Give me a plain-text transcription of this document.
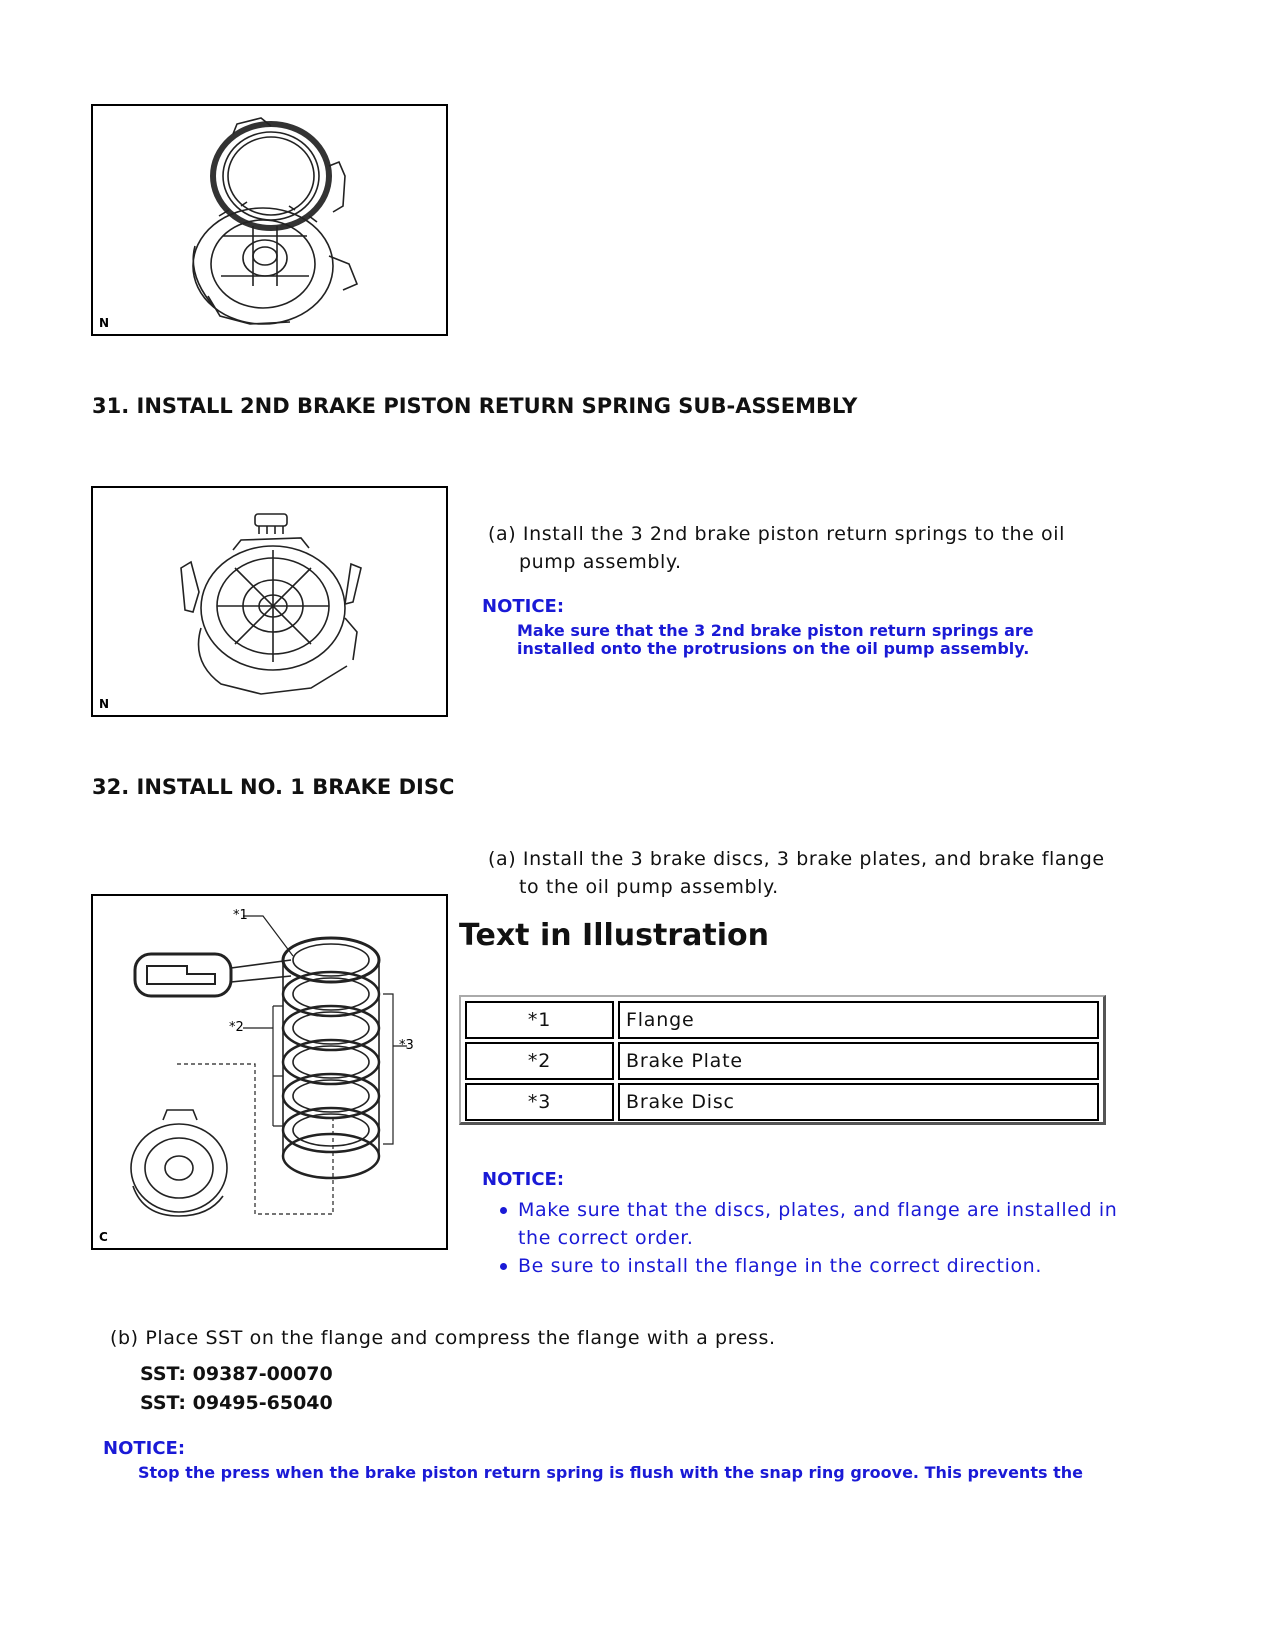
N
31. INSTALL 2ND BRAKE PISTON RETURN SPRING SUB-ASSEMBLY
N
(a) Install the 3 2nd brake piston return springs to the oil
pump assembly.
NOTICE:
Make sure that the 3 2nd brake piston return springs are
installed onto the protrusions on the oil pump assembly.
32. INSTALL NO. 1 BRAKE DISC
(a) Install the 3 brake discs, 3 brake plates, and brake flange
to the oil pump assembly.
*1
*2
*3
C
Text in Illustration
*1	Flange
*2	Brake Plate
*3	Brake Disc
NOTICE:
Make sure that the discs, plates, and flange are installed in
the correct order.
Be sure to install the flange in the correct direction.
(b) Place SST on the flange and compress the flange with a press.
SST: 09387-00070
SST: 09495-65040
NOTICE:
Stop the press when the brake piston return spring is flush with the snap ring groove. This prevents the
